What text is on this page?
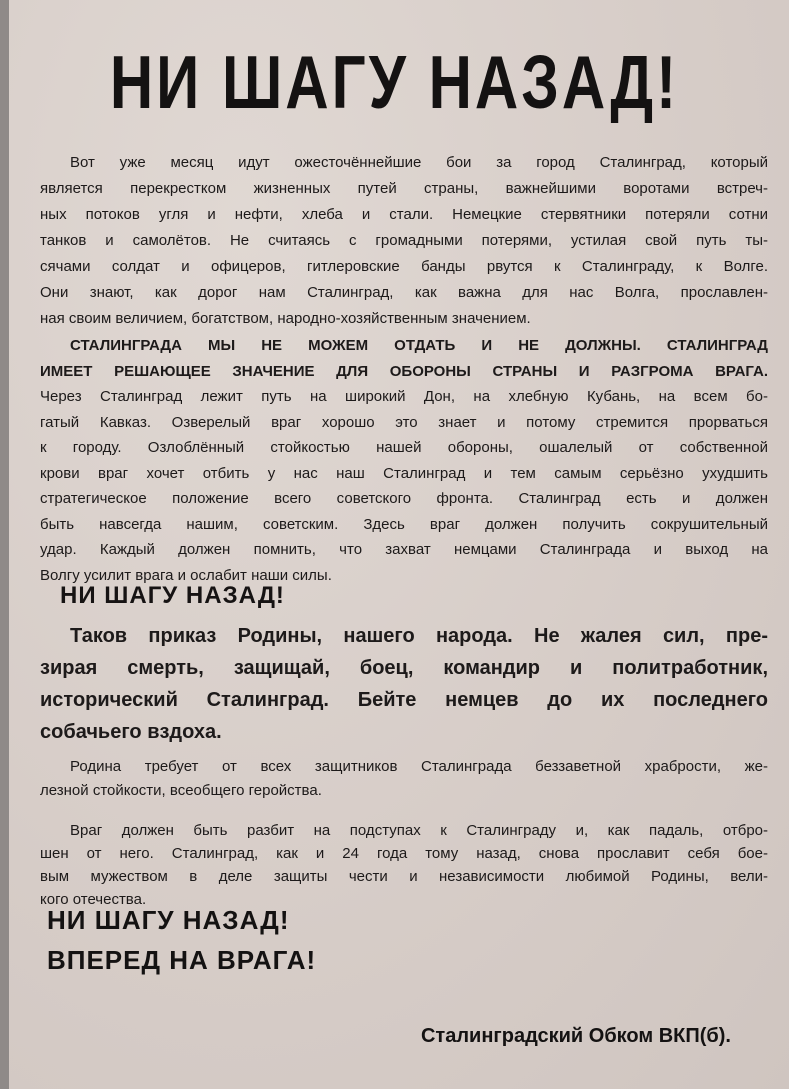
НИ ШАГУ НАЗАД!
Вот уже месяц идут ожесточённейшие бои за город Сталинград, который
является перекрестком жизненных путей страны, важнейшими воротами встреч-
ных потоков угля и нефти, хлеба и стали. Немецкие стервятники потеряли сотни
танков и самолётов. Не считаясь с громадными потерями, устилая свой путь ты-
сячами солдат и офицеров, гитлеровские банды рвутся к Сталинграду, к Волге.
Они знают, как дорог нам Сталинград, как важна для нас Волга, прославлен-
ная своим величием, богатством, народно-хозяйственным значением.
СТАЛИНГРАДА МЫ НЕ МОЖЕМ ОТДАТЬ И НЕ ДОЛЖНЫ. СТАЛИНГРАД
ИМЕЕТ РЕШАЮЩЕЕ ЗНАЧЕНИЕ ДЛЯ ОБОРОНЫ СТРАНЫ И РАЗГРОМА ВРАГА.
Через Сталинград лежит путь на широкий Дон, на хлебную Кубань, на всем бо-
гатый Кавказ. Озверелый враг хорошо это знает и потому стремится прорваться
к городу. Озлоблённый стойкостью нашей обороны, ошалелый от собственной
крови враг хочет отбить у нас наш Сталинград и тем самым серьёзно ухудшить
стратегическое положение всего советского фронта. Сталинград есть и должен
быть навсегда нашим, советским. Здесь враг должен получить сокрушительный
удар. Каждый должен помнить, что захват немцами Сталинграда и выход на
Волгу усилит врага и ослабит наши силы.
НИ ШАГУ НАЗАД!
Таков приказ Родины, нашего народа. Не жалея сил, пре-
зирая смерть, защищай, боец, командир и политработник,
исторический Сталинград. Бейте немцев до их последнего
собачьего вздоха.
Родина требует от всех защитников Сталинграда беззаветной храбрости, же-
лезной стойкости, всеобщего геройства.
Враг должен быть разбит на подступах к Сталинграду и, как падаль, отбро-
шен от него. Сталинград, как и 24 года тому назад, снова прославит себя бое-
вым мужеством в деле защиты чести и независимости любимой Родины, вели-
кого отечества.
НИ ШАГУ НАЗАД!
ВПЕРЕД НА ВРАГА!
Сталинградский Обком ВКП(б).
